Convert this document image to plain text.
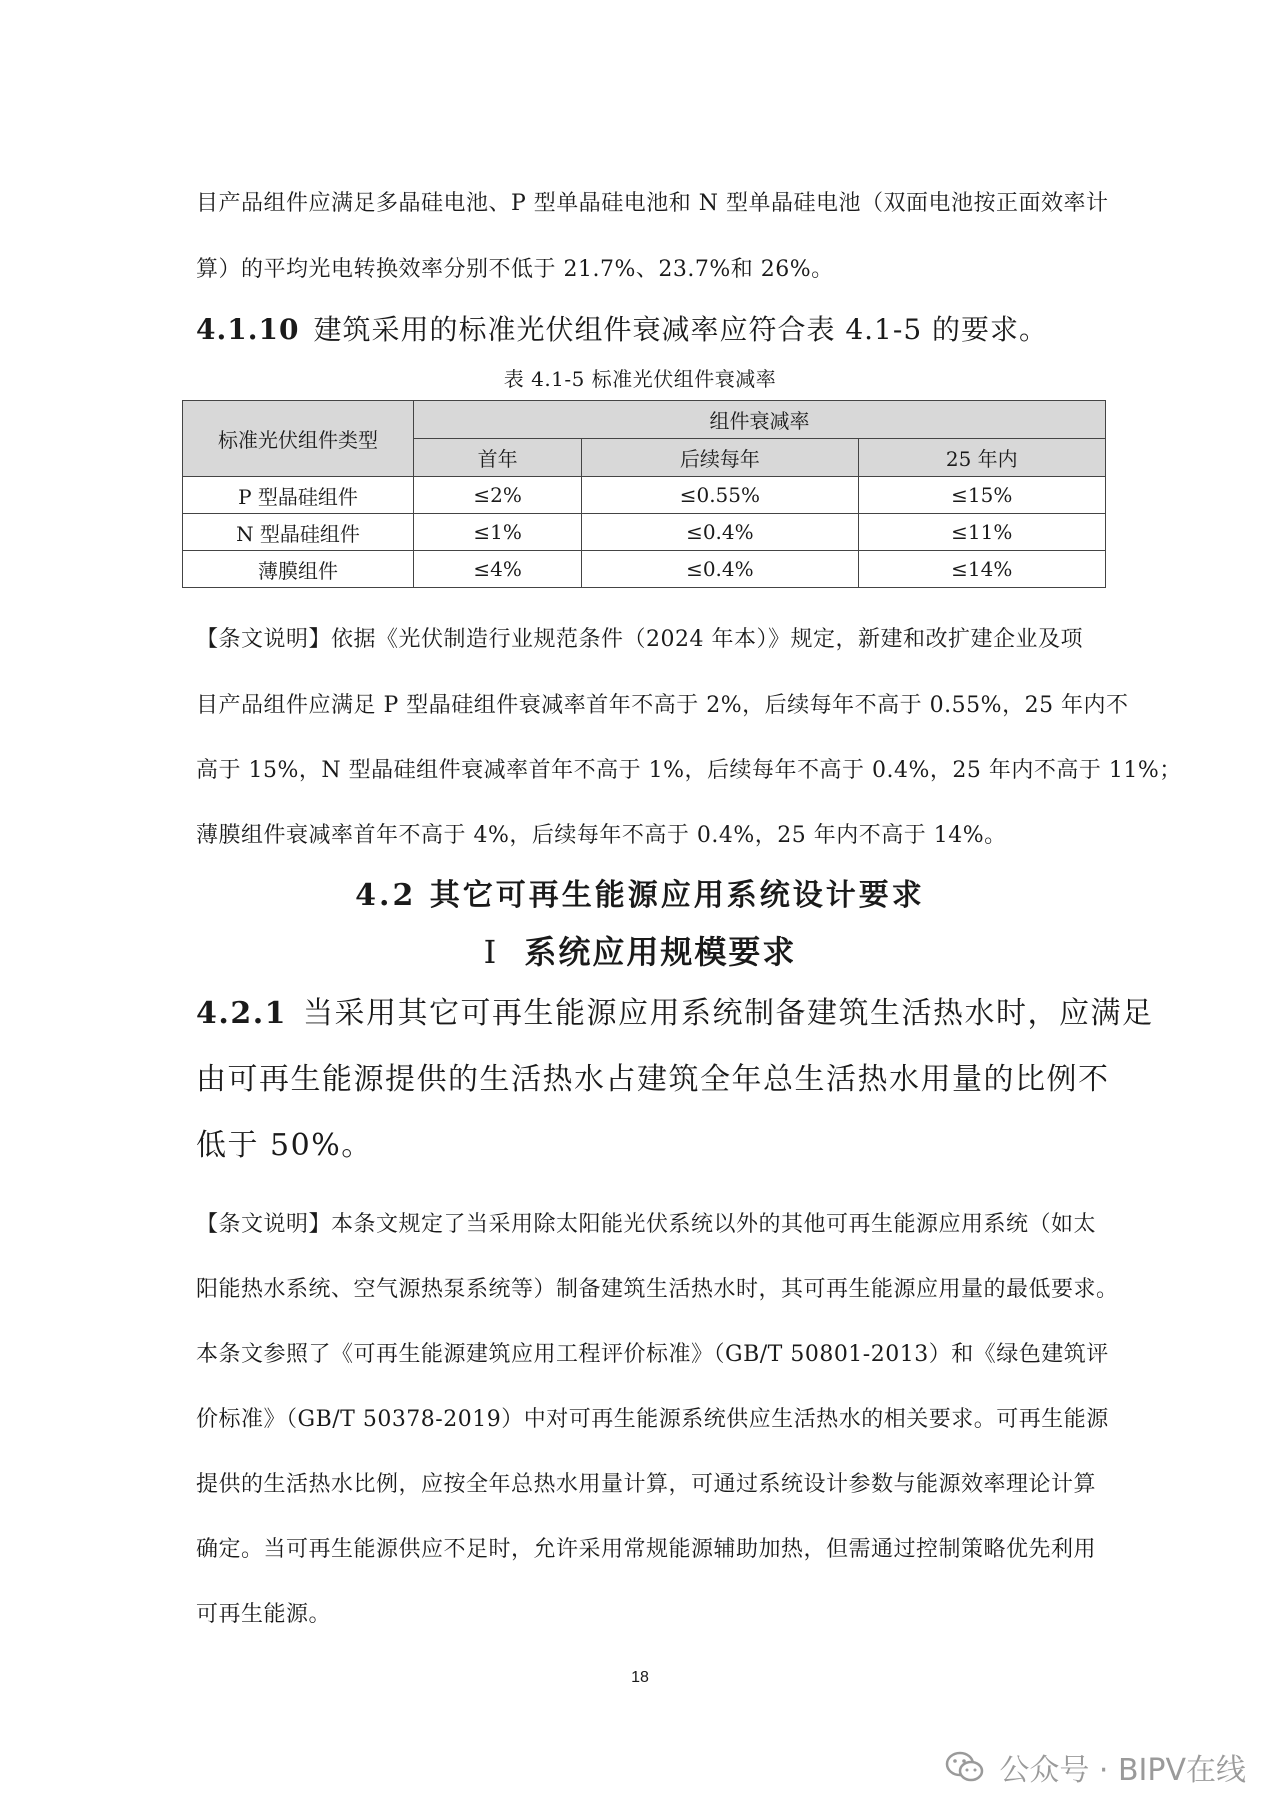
目产品组件应满足多晶硅电池、P 型单晶硅电池和 N 型单晶硅电池（双面电池按正面效率计
算）的平均光电转换效率分别不低于 21.7%、23.7%和 26%。
4.1.10 建筑采用的标准光伏组件衰减率应符合表 4.1-5 的要求。
表 4.1-5 标准光伏组件衰减率
标准光伏组件类型	组件衰减率		
	首年	后续每年	25 年内
P 型晶硅组件	≤2%	≤0.55%	≤15%
N 型晶硅组件	≤1%	≤0.4%	≤11%
薄膜组件	≤4%	≤0.4%	≤14%
【条文说明】依据《光伏制造行业规范条件（2024 年本）》规定，新建和改扩建企业及项
目产品组件应满足 P 型晶硅组件衰减率首年不高于 2%，后续每年不高于 0.55%，25 年内不
高于 15%，N 型晶硅组件衰减率首年不高于 1%，后续每年不高于 0.4%，25 年内不高于 11%；
薄膜组件衰减率首年不高于 4%，后续每年不高于 0.4%，25 年内不高于 14%。
4.2 其它可再生能源应用系统设计要求
Ⅰ 系统应用规模要求
4.2.1 当采用其它可再生能源应用系统制备建筑生活热水时，应满足
由可再生能源提供的生活热水占建筑全年总生活热水用量的比例不
低于 50%。
【条文说明】本条文规定了当采用除太阳能光伏系统以外的其他可再生能源应用系统（如太
阳能热水系统、空气源热泵系统等）制备建筑生活热水时，其可再生能源应用量的最低要求。
本条文参照了《可再生能源建筑应用工程评价标准》（GB/T 50801-2013）和《绿色建筑评
价标准》（GB/T 50378-2019）中对可再生能源系统供应生活热水的相关要求。可再生能源
提供的生活热水比例，应按全年总热水用量计算，可通过系统设计参数与能源效率理论计算
确定。当可再生能源供应不足时，允许采用常规能源辅助加热，但需通过控制策略优先利用
可再生能源。
18
公众号 · BIPV在线
